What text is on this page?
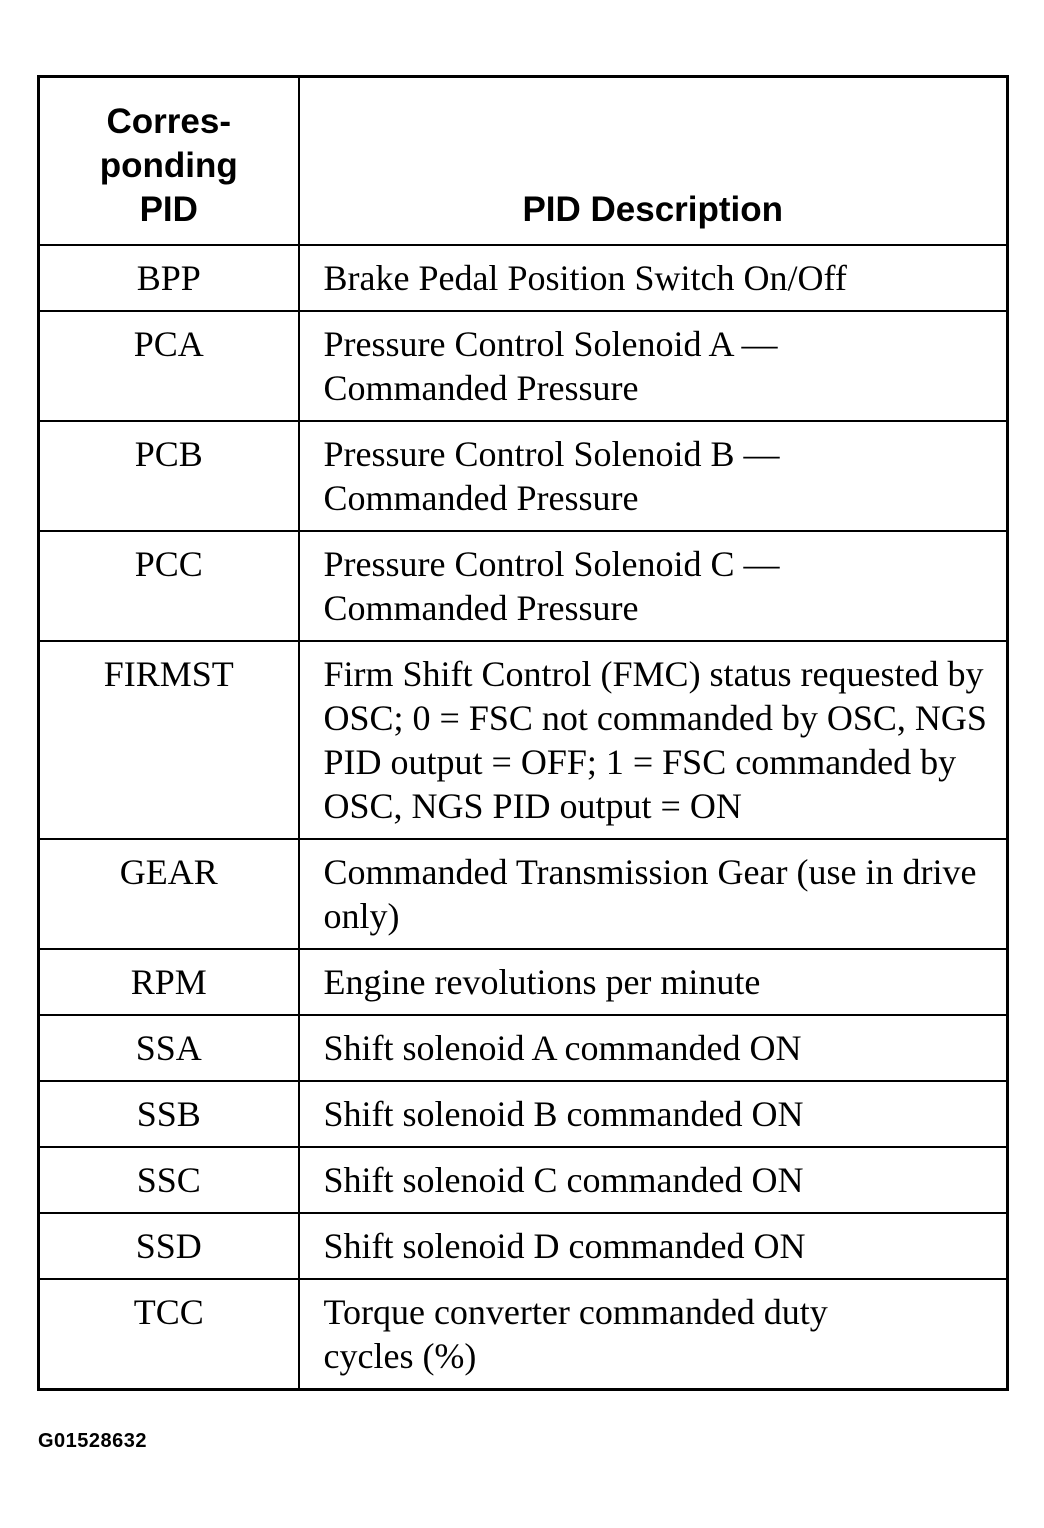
Corres-
ponding
PID	PID Description
BPP	Brake Pedal Position Switch On/Off
PCA	Pressure Control Solenoid A — Commanded Pressure
PCB	Pressure Control Solenoid B — Commanded Pressure
PCC	Pressure Control Solenoid C — Commanded Pressure
FIRMST	Firm Shift Control (FMC) status requested by OSC; 0 = FSC not commanded by OSC, NGS PID output = OFF; 1 = FSC commanded by OSC, NGS PID output = ON
GEAR	Commanded Transmission Gear (use in drive only)
RPM	Engine revolutions per minute
SSA	Shift solenoid A commanded ON
SSB	Shift solenoid B commanded ON
SSC	Shift solenoid C commanded ON
SSD	Shift solenoid D commanded ON
TCC	Torque converter commanded duty cycles (%)
G01528632
